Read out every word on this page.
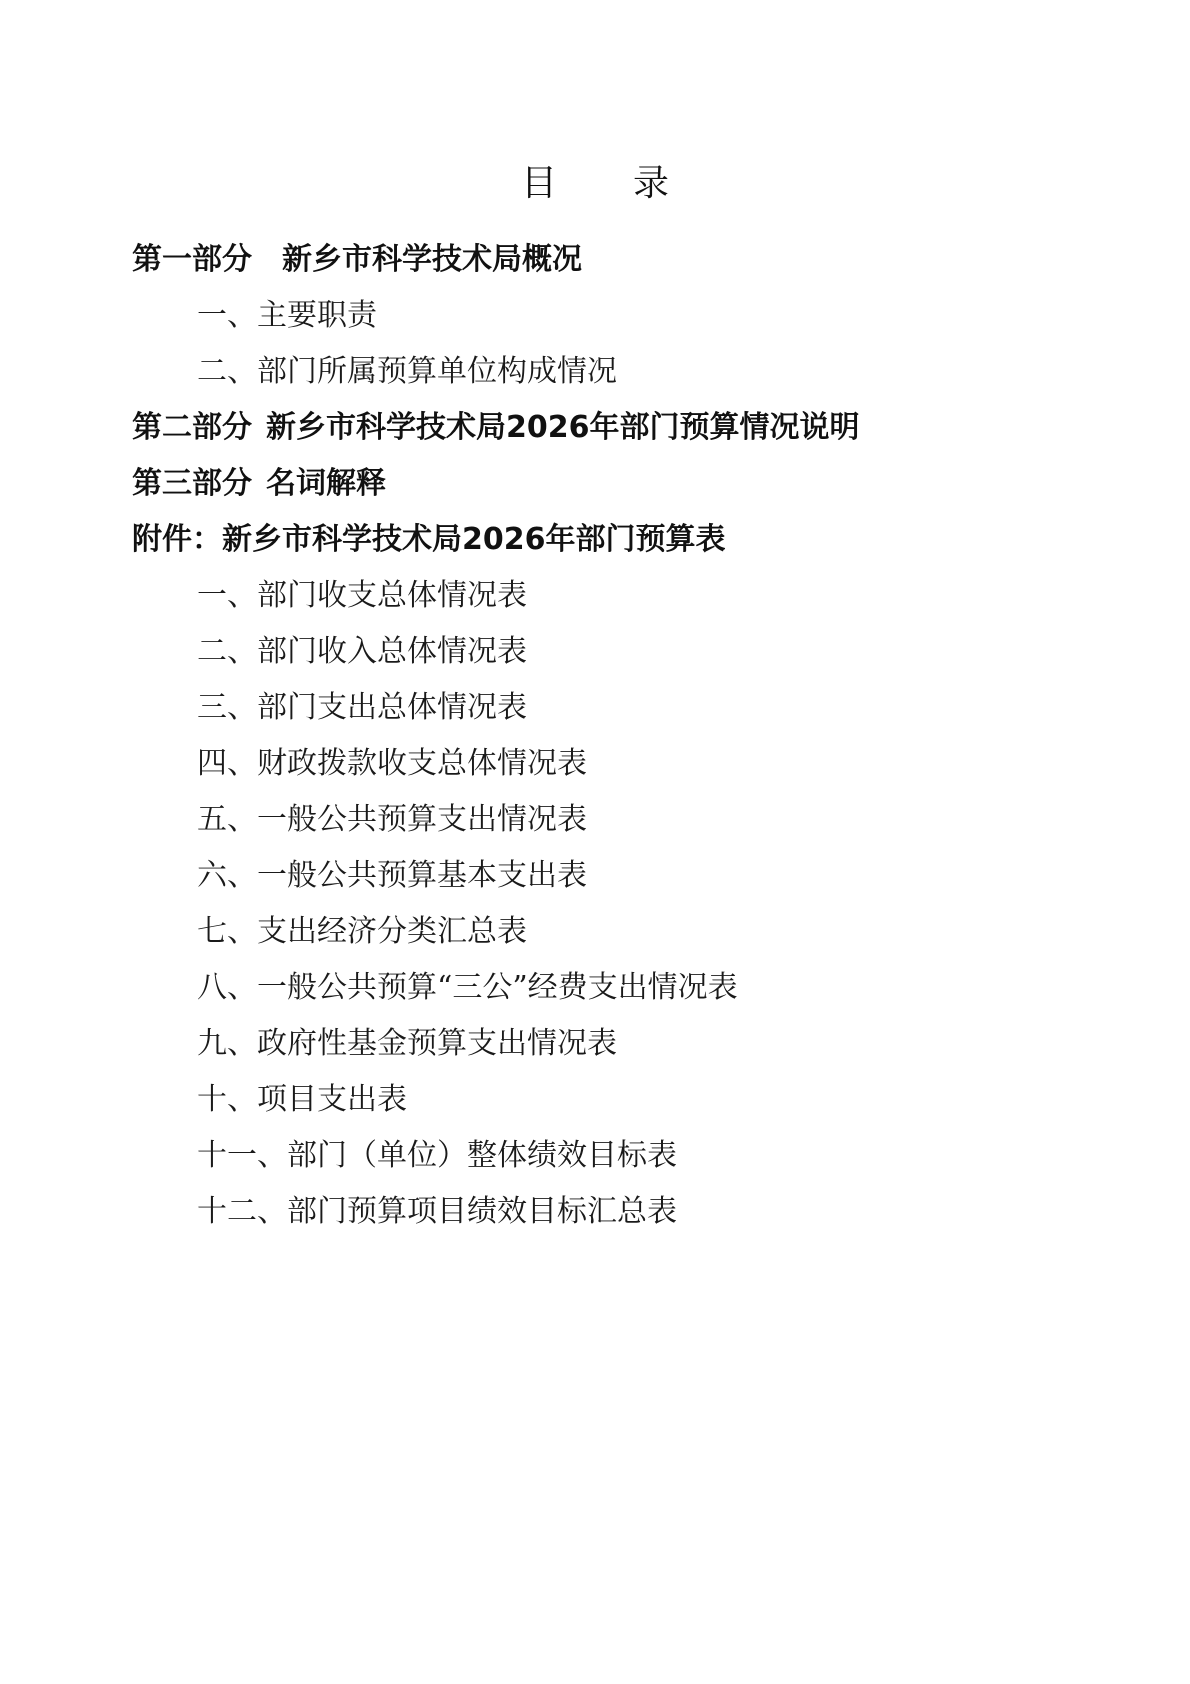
目 录
第一部分 新乡市科学技术局概况
一、主要职责
二、部门所属预算单位构成情况
第二部分 新乡市科学技术局2026年部门预算情况说明
第三部分 名词解释
附件：新乡市科学技术局2026年部门预算表
一、部门收支总体情况表
二、部门收入总体情况表
三、部门支出总体情况表
四、财政拨款收支总体情况表
五、一般公共预算支出情况表
六、一般公共预算基本支出表
七、支出经济分类汇总表
八、一般公共预算“三公”经费支出情况表
九、政府性基金预算支出情况表
十、项目支出表
十一、部门（单位）整体绩效目标表
十二、部门预算项目绩效目标汇总表
